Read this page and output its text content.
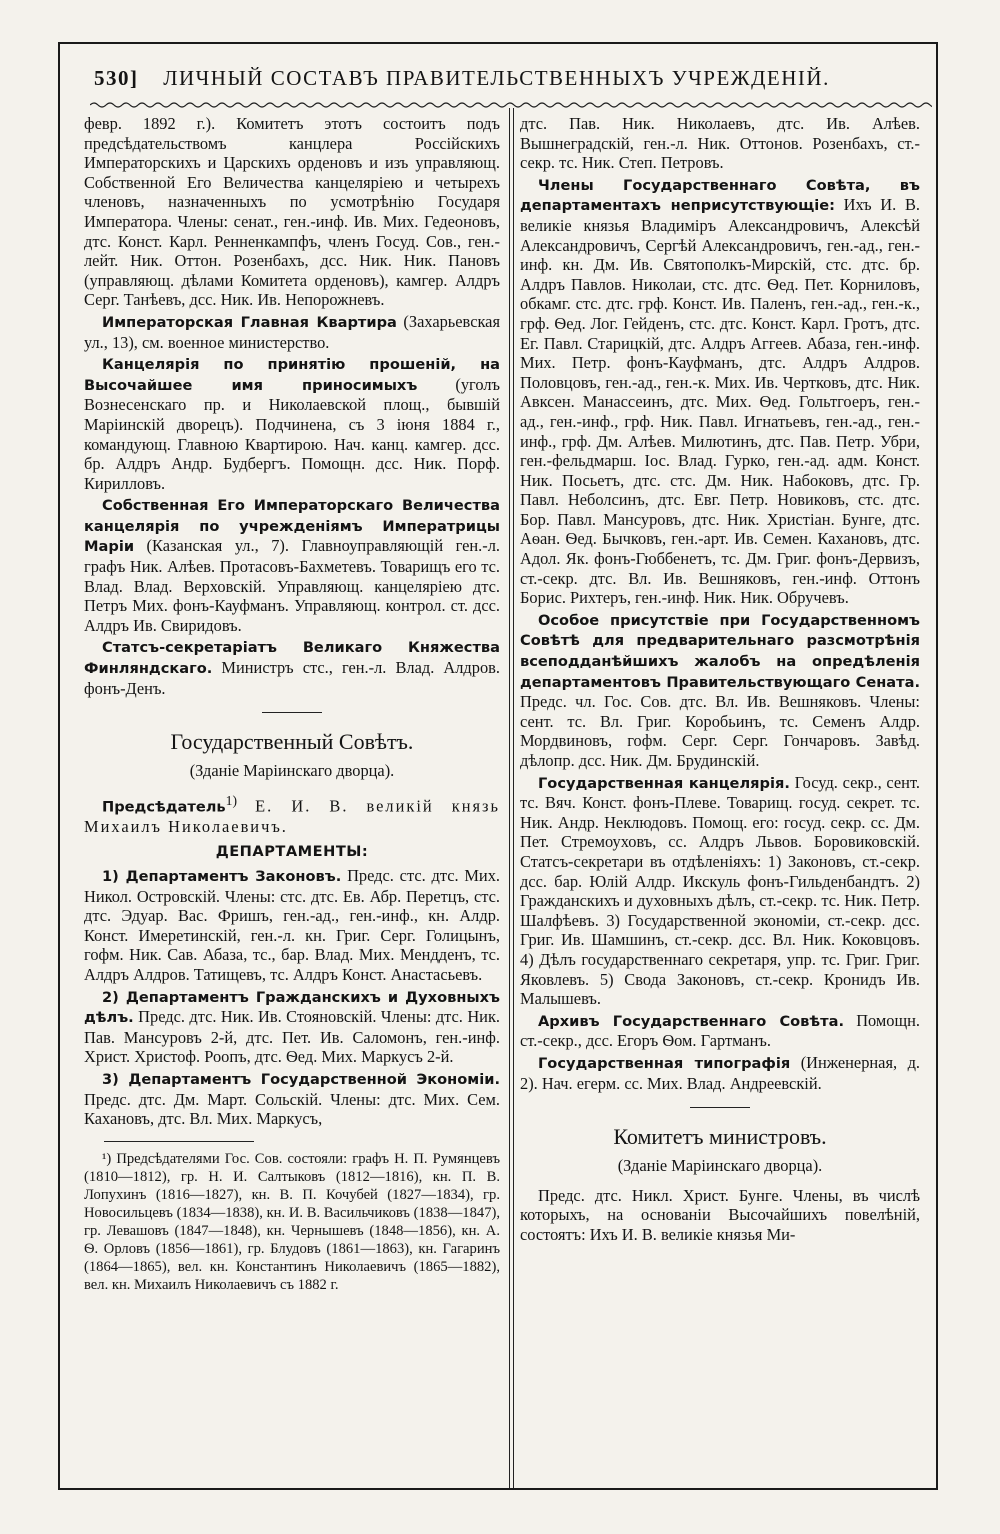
530] ЛИЧНЫЙ СОСТАВЪ ПРАВИТЕЛЬСТВЕННЫХЪ УЧРЕЖДЕНIЙ.

февр. 1892 г.). Комитетъ этотъ состоитъ подъ предсѣдательствомъ канцлера Россiйскихъ Императорскихъ и Царскихъ орденовъ и изъ управляющ. Собственной Его Величества канцелярiею и четырехъ членовъ, назначенныхъ по усмотрѣнiю Государя Императора. Члены: сенат., ген.-инф. Ив. Мих. Гедеоновъ, дтс. Конст. Карл. Ренненкампфъ, членъ Госуд. Сов., ген.-лейт. Ник. Оттон. Розенбахъ, дсс. Ник. Ник. Пановъ (управляющ. дѣлами Комитета орденовъ), камгер. Алдръ Серг. Танѣевъ, дсс. Ник. Ив. Непорожневъ.

Императорская Главная Квартира (Захарьевская ул., 13), см. военное министерство.

Канцелярiя по принятiю прошенiй, на Высочайшее имя приносимыхъ (уголъ Вознесенскаго пр. и Николаевской площ., бывшiй Марiинскiй дворецъ). Подчинена, съ 3 iюня 1884 г., командующ. Главною Квартирою. Нач. канц. камгер. дсс. бр. Алдръ Андр. Будбергъ. Помощн. дсс. Ник. Порф. Кирилловъ.

Собственная Его Императорскаго Величества канцелярiя по учрежденiямъ Императрицы Марiи (Казанская ул., 7). Главноуправляющiй ген.-л. графъ Ник. Алѣев. Протасовъ-Бахметевъ. Товарищъ его тс. Влад. Влад. Верховскiй. Управляющ. канцелярiею дтс. Петръ Мих. фонъ-Кауфманъ. Управляющ. контрол. ст. дсс. Алдръ Ив. Свиридовъ.

Статсъ-секретарiатъ Великаго Княжества Финляндскаго. Министръ стс., ген.-л. Влад. Алдров. фонъ-Денъ.

Государственный Совѣтъ.
(Зданiе Марiинскаго дворца).

Предсѣдатель$^{1)}$ Е. И. В. великiй князь Михаилъ Николаевичъ.

ДЕПАРТАМЕНТЫ:

1) Департаментъ Законовъ. Предс. стс. дтс. Мих. Никол. Островскiй. Члены: стс. дтс. Ев. Абр. Перетцъ, стс. дтс. Эдуар. Вас. Фришъ, ген.-ад., ген.-инф., кн. Алдр. Конст. Имеретинскiй, ген.-л. кн. Григ. Серг. Голицынъ, гофм. Ник. Сав. Абаза, тс., бар. Влад. Мих. Мендденъ, тс. Алдръ Алдров. Татищевъ, тс. Алдръ Конст. Анастасьевъ.

2) Департаментъ Гражданскихъ и Духовныхъ дѣлъ. Предс. дтс. Ник. Ив. Стояновскiй. Члены: дтс. Ник. Пав. Мансуровъ 2-й, дтс. Пет. Ив. Саломонъ, ген.-инф. Христ. Христоф. Роопъ, дтс. Ѳед. Мих. Маркусъ 2-й.

3) Департаментъ Государственной Экономiи. Предс. дтс. Дм. Март. Сольскiй. Члены: дтс. Мих. Сем. Кахановъ, дтс. Вл. Мих. Маркусъ,

¹) Предсѣдателями Гос. Сов. состояли: графъ Н. П. Румянцевъ (1810—1812), гр. Н. И. Салтыковъ (1812—1816), кн. П. В. Лопухинъ (1816—1827), кн. В. П. Кочубей (1827—1834), гр. Новосильцевъ (1834—1838), кн. И. В. Васильчиковъ (1838—1847), гр. Левашовъ (1847—1848), кн. Чернышевъ (1848—1856), кн. А. Ѳ. Орловъ (1856—1861), гр. Блудовъ (1861—1863), кн. Гагаринъ (1864—1865), вел. кн. Константинъ Николаевичъ (1865—1882), вел. кн. Михаилъ Николаевичъ съ 1882 г.

дтс. Пав. Ник. Николаевъ, дтс. Ив. Алѣев. Вышнеградскiй, ген.-л. Ник. Оттонов. Розенбахъ, ст.-секр. тс. Ник. Степ. Петровъ.

Члены Государственнаго Совѣта, въ департаментахъ неприсутствующiе: Ихъ И. В. великiе князья Владимiръ Александровичъ, Алексѣй Александровичъ, Сергѣй Александровичъ, ген.-ад., ген.-инф. кн. Дм. Ив. Святополкъ-Мирскiй, стс. дтс. бр. Алдръ Павлов. Николаи, стс. дтс. Ѳед. Пет. Корниловъ, обкамг. стс. дтс. грф. Конст. Ив. Паленъ, ген.-ад., ген.-к., грф. Ѳед. Лог. Гейденъ, стс. дтс. Конст. Карл. Гротъ, дтс. Ег. Павл. Старицкiй, дтс. Алдръ Аггеев. Абаза, ген.-инф. Мих. Петр. фонъ-Кауфманъ, дтс. Алдръ Алдров. Половцовъ, ген.-ад., ген.-к. Мих. Ив. Чертковъ, дтс. Ник. Авксен. Манассеинъ, дтс. Мих. Ѳед. Гольтгоеръ, ген.-ад., ген.-инф., грф. Ник. Павл. Игнатьевъ, ген.-ад., ген.-инф., грф. Дм. Алѣев. Милютинъ, дтс. Пав. Петр. Убри, ген.-фельдмарш. Iос. Влад. Гурко, ген.-ад. адм. Конст. Ник. Посьетъ, дтс. стс. Дм. Ник. Набоковъ, дтс. Гр. Павл. Неболсинъ, дтс. Евг. Петр. Новиковъ, стс. дтс. Бор. Павл. Мансуровъ, дтс. Ник. Христiан. Бунге, дтс. Аѳан. Ѳед. Бычковъ, ген.-арт. Ив. Семен. Кахановъ, дтс. Адол. Як. фонъ-Гюббенетъ, тс. Дм. Григ. фонъ-Дервизъ, ст.-секр. дтс. Вл. Ив. Вешняковъ, ген.-инф. Оттонъ Борис. Рихтеръ, ген.-инф. Ник. Ник. Обручевъ.

Особое присутствiе при Государственномъ Совѣтѣ для предварительнаго разсмотрѣнiя всеподданѣйшихъ жалобъ на опредѣленiя департаментовъ Правительствующаго Сената. Предс. чл. Гос. Сов. дтс. Вл. Ив. Вешняковъ. Члены: сент. тс. Вл. Григ. Коробьинъ, тс. Семенъ Алдр. Мордвиновъ, гофм. Серг. Серг. Гончаровъ. Завѣд. дѣлопр. дсс. Ник. Дм. Брудинскiй.

Государственная канцелярiя. Госуд. секр., сент. тс. Вяч. Конст. фонъ-Плеве. Товарищ. госуд. секрет. тс. Ник. Андр. Неклюдовъ. Помощ. его: госуд. секр. сс. Дм. Пет. Стремоуховъ, сс. Алдръ Львов. Боровиковскiй. Статсъ-секретари въ отдѣленiяхъ: 1) Законовъ, ст.-секр. дсс. бар. Юлiй Алдр. Икскуль фонъ-Гильденбандтъ. 2) Гражданскихъ и духовныхъ дѣлъ, ст.-секр. тс. Ник. Петр. Шалфѣевъ. 3) Государственной экономiи, ст.-секр. дсс. Григ. Ив. Шамшинъ, ст.-секр. дсс. Вл. Ник. Коковцовъ. 4) Дѣлъ государственнаго секретаря, упр. тс. Григ. Григ. Яковлевъ. 5) Свода Законовъ, ст.-секр. Кронидъ Ив. Малышевъ.

Архивъ Государственнаго Совѣта. Помощн. ст.-секр., дсс. Егоръ Ѳом. Гартманъ.

Государственная типографiя (Инженерная, д. 2). Нач. егерм. сс. Мих. Влад. Андреевскiй.

Комитетъ министровъ.
(Зданiе Марiинскаго дворца).

Предс. дтс. Никл. Христ. Бунге. Члены, въ числѣ которыхъ, на основанiи Высочайшихъ повелѣнiй, состоятъ: Ихъ И. В. великiе князья Ми-
